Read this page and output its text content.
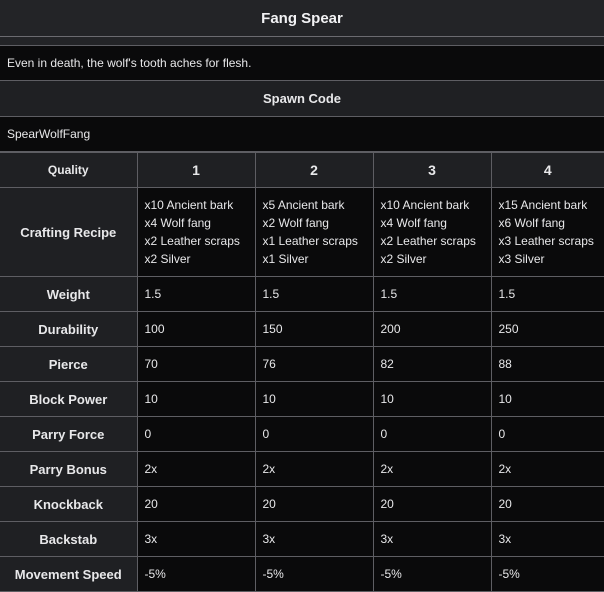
Fang Spear
Even in death, the wolf's tooth aches for flesh.
Spawn Code
SpearWolfFang
Quality	1	2	3	4
Crafting Recipe	x10 Ancient bark
x4 Wolf fang
x2 Leather scraps
x2 Silver	x5 Ancient bark
x2 Wolf fang
x1 Leather scraps
x1 Silver	x10 Ancient bark
x4 Wolf fang
x2 Leather scraps
x2 Silver	x15 Ancient bark
x6 Wolf fang
x3 Leather scraps
x3 Silver

Weight	1.5	1.5	1.5	1.5
Durability	100	150	200	250
Pierce	70	76	82	88
Block Power	10	10	10	10
Parry Force	0	0	0	0
Parry Bonus	2x	2x	2x	2x
Knockback	20	20	20	20
Backstab	3x	3x	3x	3x
Movement Speed	-5%	-5%	-5%	-5%
